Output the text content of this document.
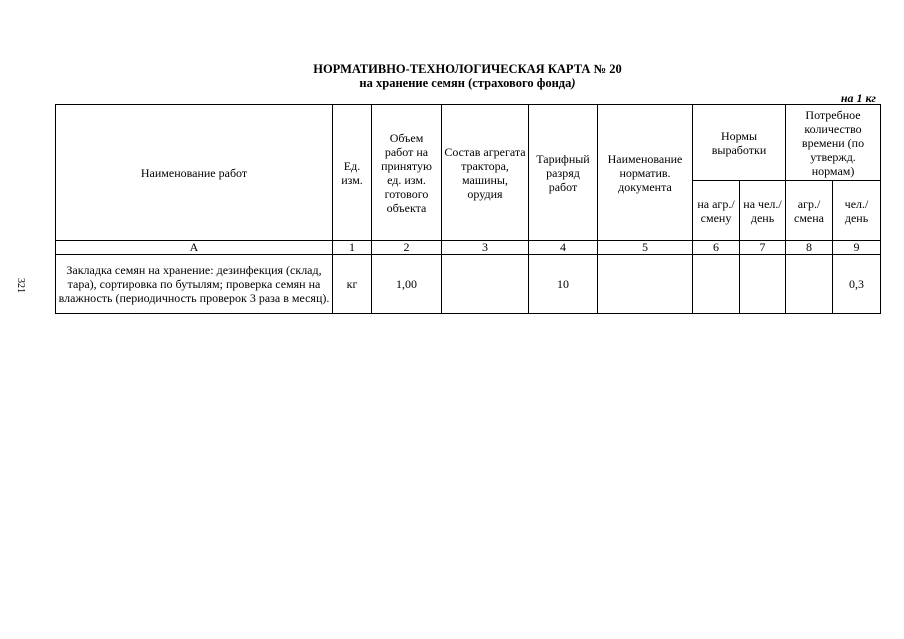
НОРМАТИВНО-ТЕХНОЛОГИЧЕСКАЯ КАРТА № 20
на хранение семян (страхового фонда)
на 1 кг
321
Наименование работ	Ед. изм.	Объем работ на принятую ед. изм. готового объекта	Состав агрегата трактора, машины, орудия	Тарифный разряд работ	Наименование норматив. документа	Нормы выработки		Потребное количество времени (по утвержд. нормам)	
						на агр./ смену	на чел./ день	агр./ смена	чел./ день
А	1	2	3	4	5	6	7	8	9
Закладка семян на хранение: дезинфекция (склад, тара), сортировка по бутылям; проверка семян на влажность (периодичность проверок 3 раза в месяц).	кг	1,00		10					0,3
